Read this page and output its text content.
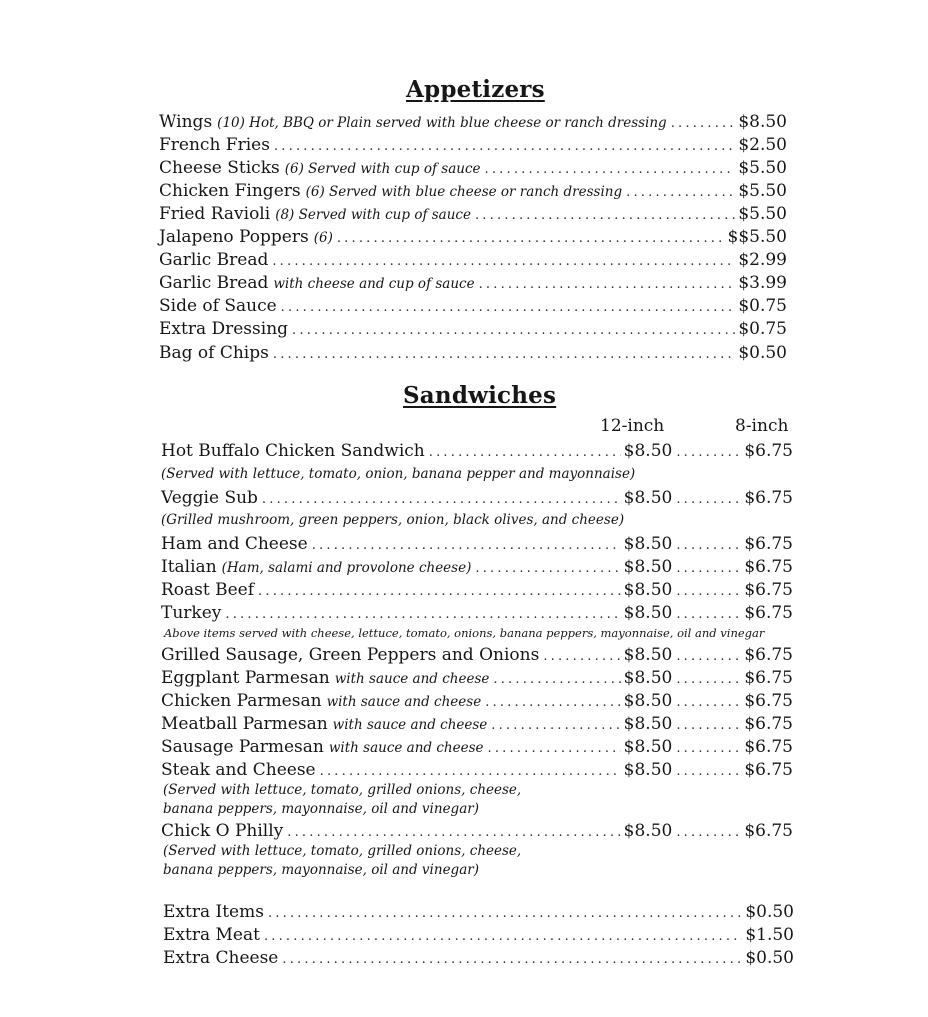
Appetizers
Wings (10) Hot, BBQ or Plain served with blue cheese or ranch dressing .....	$8.50
French Fries .....	$2.50
Cheese Sticks (6) Served with cup of sauce .....	$5.50
Chicken Fingers (6) Served with blue cheese or ranch dressing .....	$5.50
Fried Ravioli (8) Served with cup of sauce .....	$5.50
Jalapeno Poppers (6) .....	$$5.50
Garlic Bread .....	$2.99
Garlic Bread with cheese and cup of sauce .....	$3.99
Side of Sauce .....	$0.75
Extra Dressing .....	$0.75
Bag of Chips .....	$0.50
Sandwiches
12-inch	8-inch
Hot Buffalo Chicken Sandwich .....	$8.50 .....	$6.75
(Served with lettuce, tomato, onion, banana pepper and mayonnaise)
Veggie Sub .....	$8.50 .....	$6.75
(Grilled mushroom, green peppers, onion, black olives, and cheese)
Ham and Cheese .....	$8.50 .....	$6.75
Italian (Ham, salami and provolone cheese) .....	$8.50 .....	$6.75
Roast Beef .....	$8.50 .....	$6.75
Turkey .....	$8.50 .....	$6.75
Above items served with cheese, lettuce, tomato, onions, banana peppers, mayonnaise, oil and vinegar
Grilled Sausage, Green Peppers and Onions .....	$8.50 .....	$6.75
Eggplant Parmesan with sauce and cheese .....	$8.50 .....	$6.75
Chicken Parmesan with sauce and cheese .....	$8.50 .....	$6.75
Meatball Parmesan with sauce and cheese .....	$8.50 .....	$6.75
Sausage Parmesan with sauce and cheese .....	$8.50 .....	$6.75
Steak and Cheese .....	$8.50 .....	$6.75
(Served with lettuce, tomato, grilled onions, cheese,
banana peppers, mayonnaise, oil and vinegar)
Chick O Philly .....	$8.50 .....	$6.75
(Served with lettuce, tomato, grilled onions, cheese,
banana peppers, mayonnaise, oil and vinegar)
Extra Items .....	$0.50
Extra Meat .....	$1.50
Extra Cheese .....	$0.50
